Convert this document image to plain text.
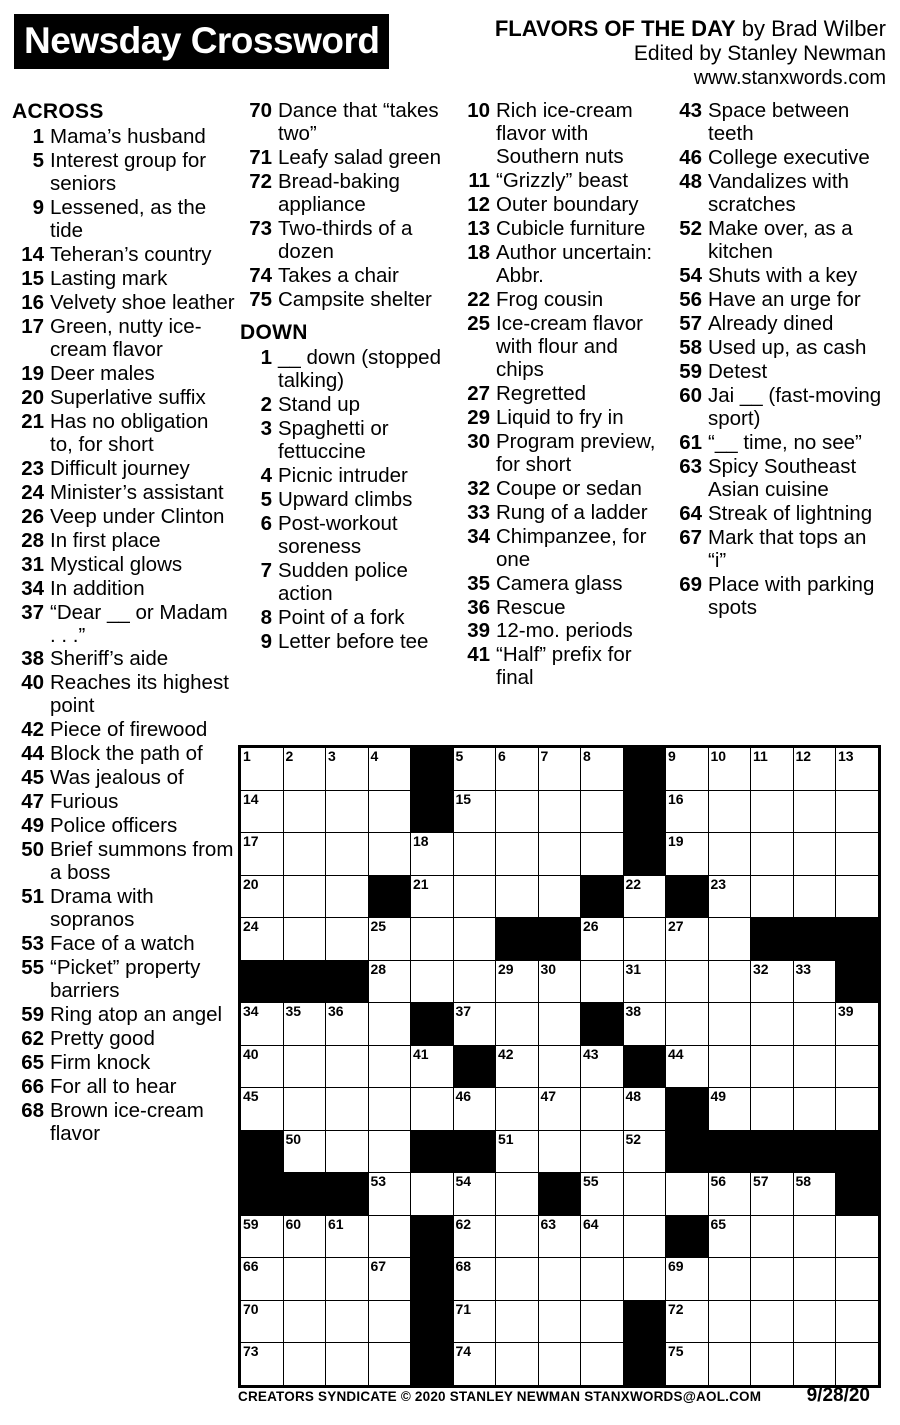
Newsday Crossword	FLAVORS OF THE DAY by Brad Wilber
Edited by Stanley Newman
www.stanxwords.com
ACROSS
1 Mama’s husband
5 Interest group for seniors
9 Lessened, as the tide
14 Teheran’s country
15 Lasting mark
16 Velvety shoe leather
17 Green, nutty ice-cream flavor
19 Deer males
20 Superlative suffix
21 Has no obligation to, for short
23 Difficult journey
24 Minister’s assistant
26 Veep under Clinton
28 In first place
31 Mystical glows
34 In addition
37 “Dear __ or Madam . . .”
38 Sheriff’s aide
40 Reaches its highest point
42 Piece of firewood
44 Block the path of
45 Was jealous of
47 Furious
49 Police officers
50 Brief summons from a boss
51 Drama with sopranos
53 Face of a watch
55 “Picket” property barriers
59 Ring atop an angel
62 Pretty good
65 Firm knock
66 For all to hear
68 Brown ice-cream flavor
70 Dance that “takes two”
71 Leafy salad green
72 Bread-baking appliance
73 Two-thirds of a dozen
74 Takes a chair
75 Campsite shelter
DOWN
1 __ down (stopped talking)
2 Stand up
3 Spaghetti or fettuccine
4 Picnic intruder
5 Upward climbs
6 Post-workout soreness
7 Sudden police action
8 Point of a fork
9 Letter before tee
10 Rich ice-cream flavor with Southern nuts
11 “Grizzly” beast
12 Outer boundary
13 Cubicle furniture
18 Author uncertain: Abbr.
22 Frog cousin
25 Ice-cream flavor with flour and chips
27 Regretted
29 Liquid to fry in
30 Program preview, for short
32 Coupe or sedan
33 Rung of a ladder
34 Chimpanzee, for one
35 Camera glass
36 Rescue
39 12-mo. periods
41 “Half” prefix for final
43 Space between teeth
46 College executive
48 Vandalizes with scratches
52 Make over, as a kitchen
54 Shuts with a key
56 Have an urge for
57 Already dined
58 Used up, as cash
59 Detest
60 Jai __ (fast-moving sport)
61 “__ time, no see”
63 Spicy Southeast Asian cuisine
64 Streak of lightning
67 Mark that tops an “i”
69 Place with parking spots
1	2	3	4		5	6	7	8		9	10	11	12	13

14					15					16				

17				18						19				

20				21					22		23			

24			25					26		27				

			28			29	30		31			32	33	

34	35	36			37				38					39

40				41		42		43		44				

45					46		47		48		49			

	50					51			52					

			53		54			55			56	57	58	

59	60	61			62		63	64			65			

66			67		68					69				

70					71					72				

73					74					75				

CREATORS SYNDICATE © 2020 STANLEY NEWMAN STANXWORDS@AOL.COM 9/28/20
